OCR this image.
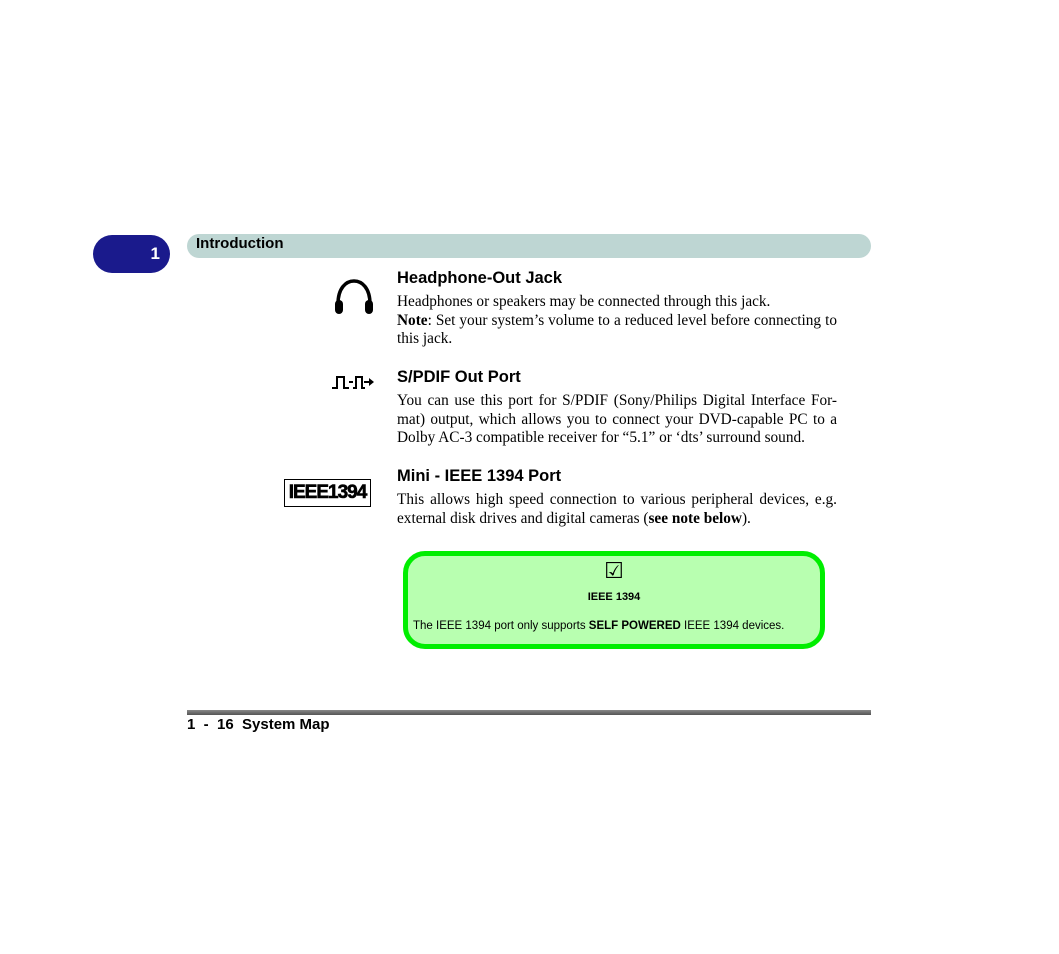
1
Introduction
Headphone-Out Jack

Headphones or speakers may be connected through this jack.

Note: Set your system’s volume to a reduced level before connecting to this jack.

S/PDIF Out Port
You can use this port for S/PDIF (Sony/Philips Digital Interface For-mat) output, which allows you to connect your DVD-capable PC to a Dolby AC-3 compatible receiver for “5.1” or ‘dts’ surround sound.
IEEE1394
Mini - IEEE 1394 Port
This allows high speed connection to various peripheral devices, e.g. external disk drives and digital cameras (see note below).
☑
IEEE 1394
The IEEE 1394 port only supports SELF POWERED IEEE 1394 devices.
1  -  16  System Map
